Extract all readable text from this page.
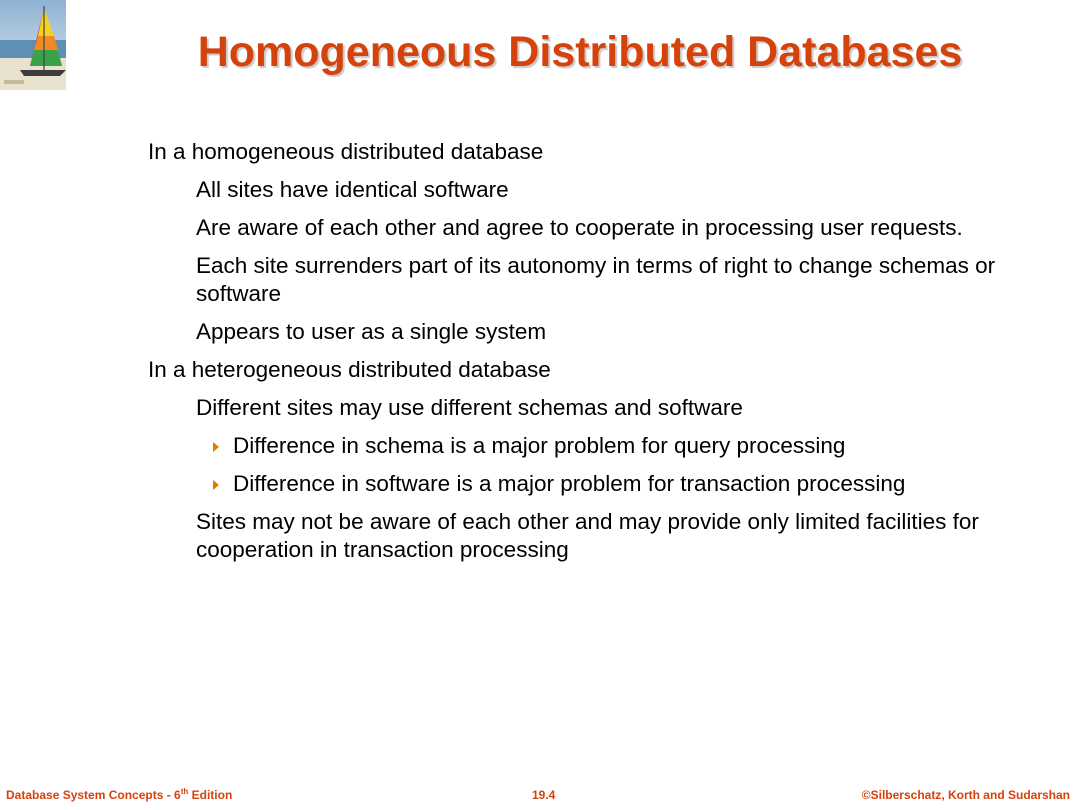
Homogeneous Distributed Databases

In a homogeneous distributed database

All sites have identical software

Are aware of each other and agree to cooperate in processing user requests.

Each site surrenders part of its autonomy in terms of right to change schemas or software

Appears to user as a single system

In a heterogeneous distributed database

Different sites may use different schemas and software

Difference in schema is a major problem for query processing

Difference in software is a major problem for transaction processing

Sites may not be aware of each other and may provide only limited facilities for cooperation in transaction processing

Database System Concepts - 6th Edition	19.4	©Silberschatz, Korth and Sudarshan
